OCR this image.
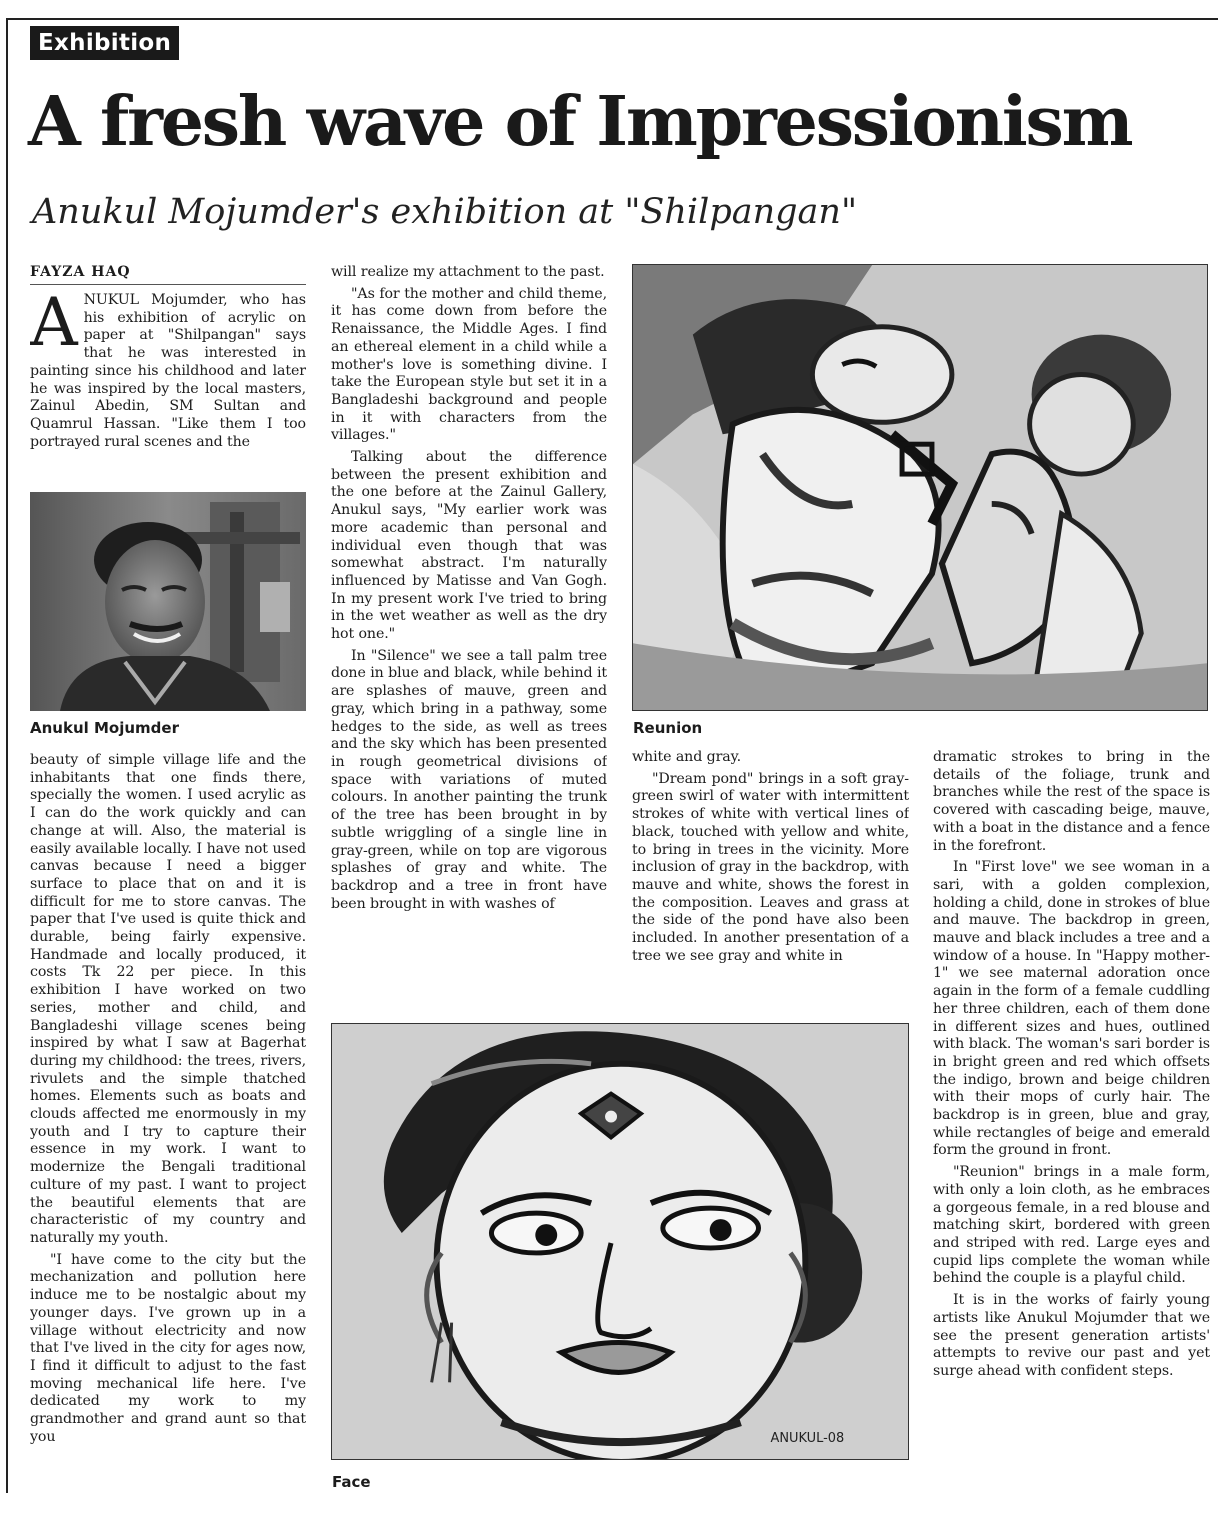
Exhibition
A fresh wave of Impressionism
Anukul Mojumder's exhibition at "Shilpangan"
FAYZA HAQ

ANUKUL Mojumder, who has his exhibition of acrylic on paper at "Shilpangan" says that he was interested in painting since his childhood and later he was inspired by the local masters, Zainul Abedin, SM Sultan and Quamrul Hassan. "Like them I too portrayed rural scenes and the

Anukul Mojumder

beauty of simple village life and the inhabitants that one finds there, specially the women. I used acrylic as I can do the work quickly and can change at will. Also, the material is easily available locally. I have not used canvas because I need a bigger surface to place that on and it is difficult for me to store canvas. The paper that I've used is quite thick and durable, being fairly expensive. Handmade and locally produced, it costs Tk 22 per piece. In this exhibition I have worked on two series, mother and child, and Bangladeshi village scenes being inspired by what I saw at Bagerhat during my childhood: the trees, rivers, rivulets and the simple thatched homes. Elements such as boats and clouds affected me enormously in my youth and I try to capture their essence in my work. I want to modernize the Bengali traditional culture of my past. I want to project the beautiful elements that are characteristic of my country and naturally my youth.

"I have come to the city but the mechanization and pollution here induce me to be nostalgic about my younger days. I've grown up in a village without electricity and now that I've lived in the city for ages now, I find it difficult to adjust to the fast moving mechanical life here. I've dedicated my work to my grandmother and grand aunt so that you

will realize my attachment to the past.

"As for the mother and child theme, it has come down from before the Renaissance, the Middle Ages. I find an ethereal element in a child while a mother's love is something divine. I take the European style but set it in a Bangladeshi background and people in it with characters from the villages."

Talking about the difference between the present exhibition and the one before at the Zainul Gallery, Anukul says, "My earlier work was more academic than personal and individual even though that was somewhat abstract. I'm naturally influenced by Matisse and Van Gogh. In my present work I've tried to bring in the wet weather as well as the dry hot one."

In "Silence" we see a tall palm tree done in blue and black, while behind it are splashes of mauve, green and gray, which bring in a pathway, some hedges to the side, as well as trees and the sky which has been presented in rough geometrical divisions of space with variations of muted colours. In another painting the trunk of the tree has been brought in by subtle wriggling of a single line in gray-green, while on top are vigorous splashes of gray and white. The backdrop and a tree in front have been brought in with washes of

Reunion

white and gray.

"Dream pond" brings in a soft gray-green swirl of water with intermittent strokes of white with vertical lines of black, touched with yellow and white, to bring in trees in the vicinity. More inclusion of gray in the backdrop, with mauve and white, shows the forest in the composition. Leaves and grass at the side of the pond have also been included. In another presentation of a tree we see gray and white in

dramatic strokes to bring in the details of the foliage, trunk and branches while the rest of the space is covered with cascading beige, mauve, with a boat in the distance and a fence in the forefront.

In "First love" we see woman in a sari, with a golden complexion, holding a child, done in strokes of blue and mauve. The backdrop in green, mauve and black includes a tree and a window of a house. In "Happy mother-1" we see maternal adoration once again in the form of a female cuddling her three children, each of them done in different sizes and hues, outlined with black. The woman's sari border is in bright green and red which offsets the indigo, brown and beige children with their mops of curly hair. The backdrop is in green, blue and gray, while rectangles of beige and emerald form the ground in front.

"Reunion" brings in a male form, with only a loin cloth, as he embraces a gorgeous female, in a red blouse and matching skirt, bordered with green and striped with red. Large eyes and cupid lips complete the woman while behind the couple is a playful child.

It is in the works of fairly young artists like Anukul Mojumder that we see the present generation artists' attempts to revive our past and yet surge ahead with confident steps.

ANUKUL-08
Face
